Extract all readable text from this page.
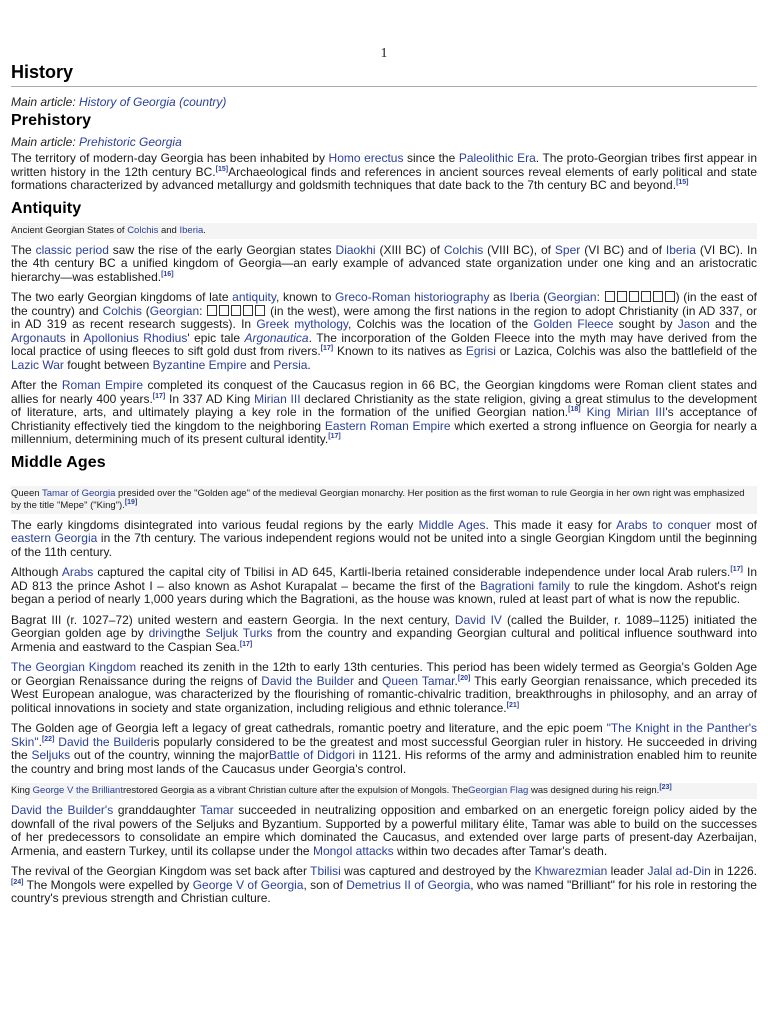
1
History
Main article: History of Georgia (country)
Prehistory
Main article: Prehistoric Georgia

The territory of modern-day Georgia has been inhabited by Homo erectus since the Paleolithic Era. The proto-Georgian tribes first appear in written history in the 12th century BC.[15]Archaeological finds and references in ancient sources reveal elements of early political and state formations characterized by advanced metallurgy and goldsmith techniques that date back to the 7th century BC and beyond.[15]

Antiquity
Ancient Georgian States of Colchis and Iberia.

The classic period saw the rise of the early Georgian states Diaokhi (XIII BC) of Colchis (VIII BC), of Sper (VI BC) and of Iberia (VI BC). In the 4th century BC a unified kingdom of Georgia—an early example of advanced state organization under one king and an aristocratic hierarchy—was established.[16]

The two early Georgian kingdoms of late antiquity, known to Greco-Roman historiography as Iberia (Georgian:	) (in the east of the country) and Colchis (Georgian:	(in the west), were among the first nations in the region to adopt Christianity (in AD 337, or in AD 319 as recent research suggests). In Greek mythology, Colchis was the location of the Golden Fleece sought by Jason and the Argonauts in Apollonius Rhodius' epic tale Argonautica. The incorporation of the Golden Fleece into the myth may have derived from the local practice of using fleeces to sift gold dust from rivers.[17] Known to its natives as Egrisi or Lazica, Colchis was also the battlefield of the Lazic War fought between Byzantine Empire and Persia.

After the Roman Empire completed its conquest of the Caucasus region in 66 BC, the Georgian kingdoms were Roman client states and allies for nearly 400 years.[17] In 337 AD King Mirian III declared Christianity as the state religion, giving a great stimulus to the development of literature, arts, and ultimately playing a key role in the formation of the unified Georgian nation.[18] King Mirian III's acceptance of Christianity effectively tied the kingdom to the neighboring Eastern Roman Empire which exerted a strong influence on Georgia for nearly a millennium, determining much of its present cultural identity.[17]

Middle Ages
Queen Tamar of Georgia presided over the "Golden age" of the medieval Georgian monarchy. Her position as the first woman to rule Georgia in her own right was emphasized by the title "Mepe" ("King").[19]

The early kingdoms disintegrated into various feudal regions by the early Middle Ages. This made it easy for Arabs to conquer most of eastern Georgia in the 7th century. The various independent regions would not be united into a single Georgian Kingdom until the beginning of the 11th century.

Although Arabs captured the capital city of Tbilisi in AD 645, Kartli-Iberia retained considerable independence under local Arab rulers.[17] In AD 813 the prince Ashot I – also known as Ashot Kurapalat – became the first of the Bagrationi family to rule the kingdom. Ashot's reign began a period of nearly 1,000 years during which the Bagrationi, as the house was known, ruled at least part of what is now the republic.

Bagrat III (r. 1027–72) united western and eastern Georgia. In the next century, David IV (called the Builder, r. 1089–1125) initiated the Georgian golden age by drivingthe Seljuk Turks from the country and expanding Georgian cultural and political influence southward into Armenia and eastward to the Caspian Sea.[17]

The Georgian Kingdom reached its zenith in the 12th to early 13th centuries. This period has been widely termed as Georgia's Golden Age or Georgian Renaissance during the reigns of David the Builder and Queen Tamar.[20] This early Georgian renaissance, which preceded its West European analogue, was characterized by the flourishing of romantic-chivalric tradition, breakthroughs in philosophy, and an array of political innovations in society and state organization, including religious and ethnic tolerance.[21]

The Golden age of Georgia left a legacy of great cathedrals, romantic poetry and literature, and the epic poem "The Knight in the Panther's Skin".[22] David the Builderis popularly considered to be the greatest and most successful Georgian ruler in history. He succeeded in driving the Seljuks out of the country, winning the majorBattle of Didgori in 1121. His reforms of the army and administration enabled him to reunite the country and bring most lands of the Caucasus under Georgia's control.

King George V the Brilliantrestored Georgia as a vibrant Christian culture after the expulsion of Mongols. TheGeorgian Flag was designed during his reign.[23]

David the Builder's granddaughter Tamar succeeded in neutralizing opposition and embarked on an energetic foreign policy aided by the downfall of the rival powers of the Seljuks and Byzantium. Supported by a powerful military élite, Tamar was able to build on the successes of her predecessors to consolidate an empire which dominated the Caucasus, and extended over large parts of present-day Azerbaijan, Armenia, and eastern Turkey, until its collapse under the Mongol attacks within two decades after Tamar's death.

The revival of the Georgian Kingdom was set back after Tbilisi was captured and destroyed by the Khwarezmian leader Jalal ad-Din in 1226.[24] The Mongols were expelled by George V of Georgia, son of Demetrius II of Georgia, who was named "Brilliant" for his role in restoring the country's previous strength and Christian culture.
